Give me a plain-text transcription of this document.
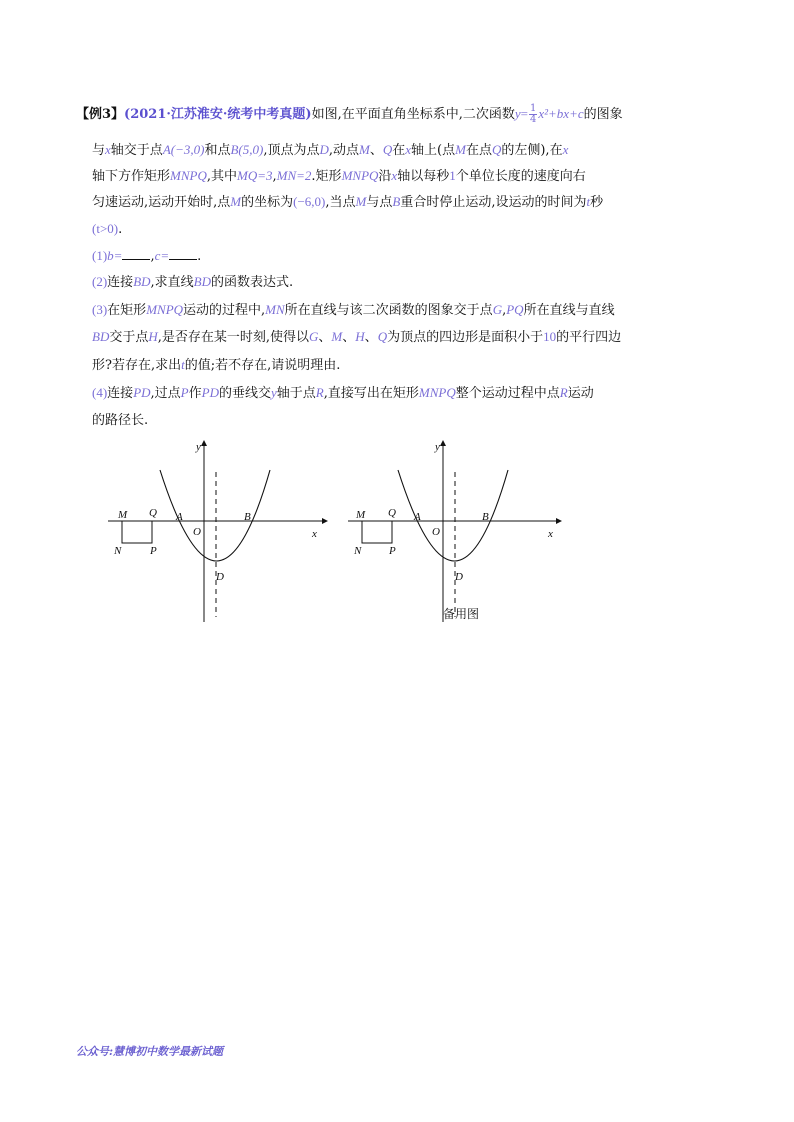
【例3】(2021·江苏淮安·统考中考真题)如图,在平面直角坐标系中,二次函数$y= \frac{1}{4} x^2+bx+c$的图象
与x轴交于点A(−3,0)和点B(5,0),顶点为点D,动点M、Q在x轴上(点M在点Q的左侧),在x
轴下方作矩形MNPQ,其中MQ=3,MN=2.矩形MNPQ沿x轴以每秒1个单位长度的速度向右
匀速运动,运动开始时,点M的坐标为(−6,0),当点M与点B重合时停止运动,设运动的时间为t秒
(t>0).
(1)b= ,c= .
(2)连接BD,求直线BD的函数表达式.
(3)在矩形MNPQ运动的过程中,MN所在直线与该二次函数的图象交于点G,PQ所在直线与直线
BD交于点H,是否存在某一时刻,使得以G、M、H、Q为顶点的四边形是面积小于10的平行四边
形?若存在,求出t的值;若不存在,请说明理由.
(4)连接PD,过点P作PD的垂线交y轴于点R,直接写出在矩形MNPQ整个运动过程中点R运动
的路径长.
y
x
O
A	B
D
M Q
N	P
y
x
O
A	B
D
M Q
N	P
备用图
公众号:慧博初中数学最新试题
